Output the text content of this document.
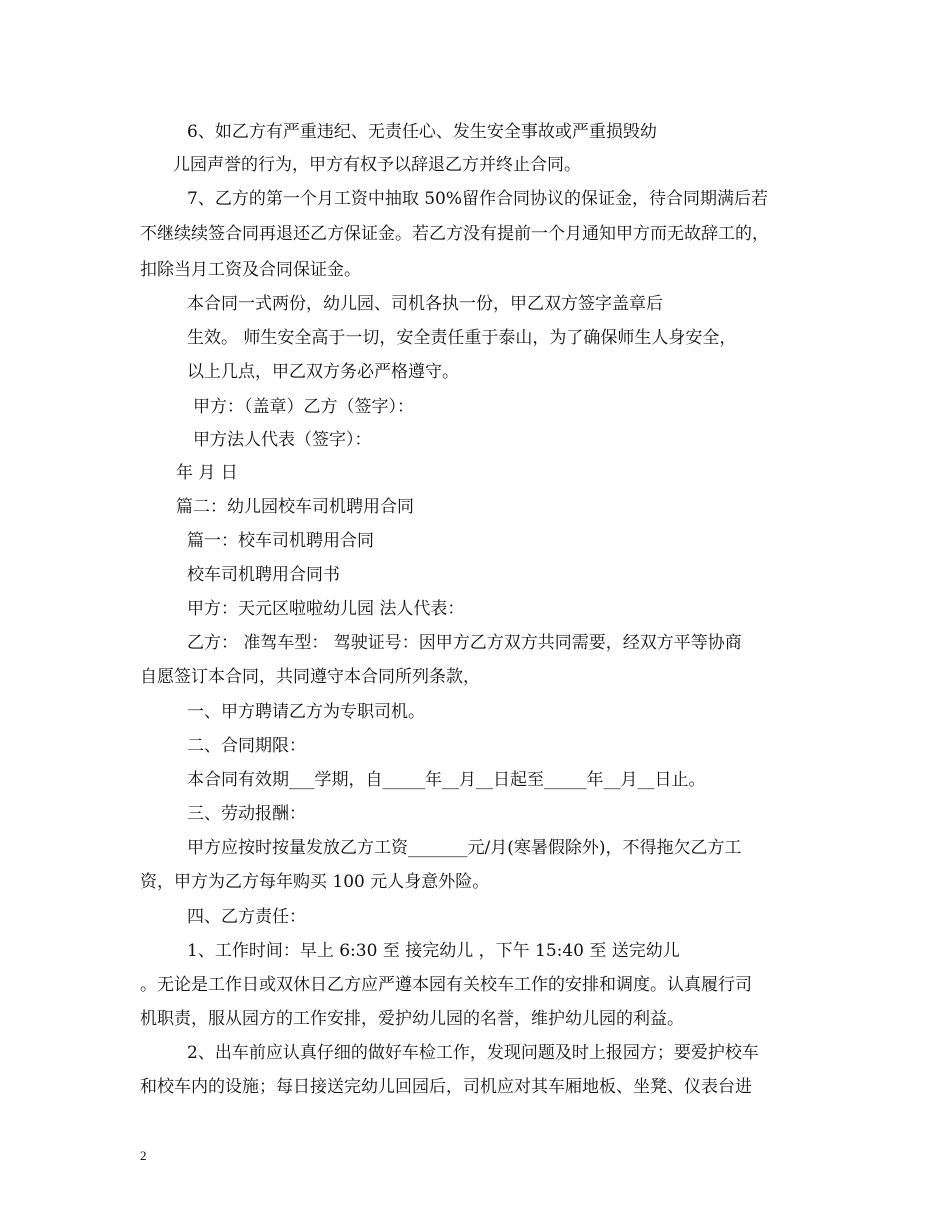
6、如乙方有严重违纪、无责任心、发生安全事故或严重损毁幼
儿园声誉的行为，甲方有权予以辞退乙方并终止合同。
7、乙方的第一个月工资中抽取 50%留作合同协议的保证金，待合同期满后若
不继续续签合同再退还乙方保证金。若乙方没有提前一个月通知甲方而无故辞工的，
扣除当月工资及合同保证金。
本合同一式两份，幼儿园、司机各执一份，甲乙双方签字盖章后
生效。 师生安全高于一切，安全责任重于泰山，为了确保师生人身安全，
以上几点，甲乙双方务必严格遵守。
甲方：（盖章）乙方（签字）：
甲方法人代表（签字）：
年 月 日
篇二：幼儿园校车司机聘用合同
篇一：校车司机聘用合同
校车司机聘用合同书
甲方：天元区啦啦幼儿园 法人代表：
乙方： 准驾车型： 驾驶证号：因甲方乙方双方共同需要，经双方平等协商
自愿签订本合同，共同遵守本合同所列条款，
一、甲方聘请乙方为专职司机。
二、合同期限：
本合同有效期___学期，自_____年__月__日起至_____年__月__日止。
三、劳动报酬：
甲方应按时按量发放乙方工资_______元/月(寒暑假除外)，不得拖欠乙方工
资，甲方为乙方每年购买 100 元人身意外险。
四、乙方责任：
1、工作时间：早上 6:30 至 接完幼儿 ，下午 15:40 至 送完幼儿
。无论是工作日或双休日乙方应严遵本园有关校车工作的安排和调度。认真履行司
机职责，服从园方的工作安排，爱护幼儿园的名誉，维护幼儿园的利益。
2、出车前应认真仔细的做好车检工作，发现问题及时上报园方；要爱护校车
和校车内的设施；每日接送完幼儿回园后，司机应对其车厢地板、坐凳、仪表台进
2
